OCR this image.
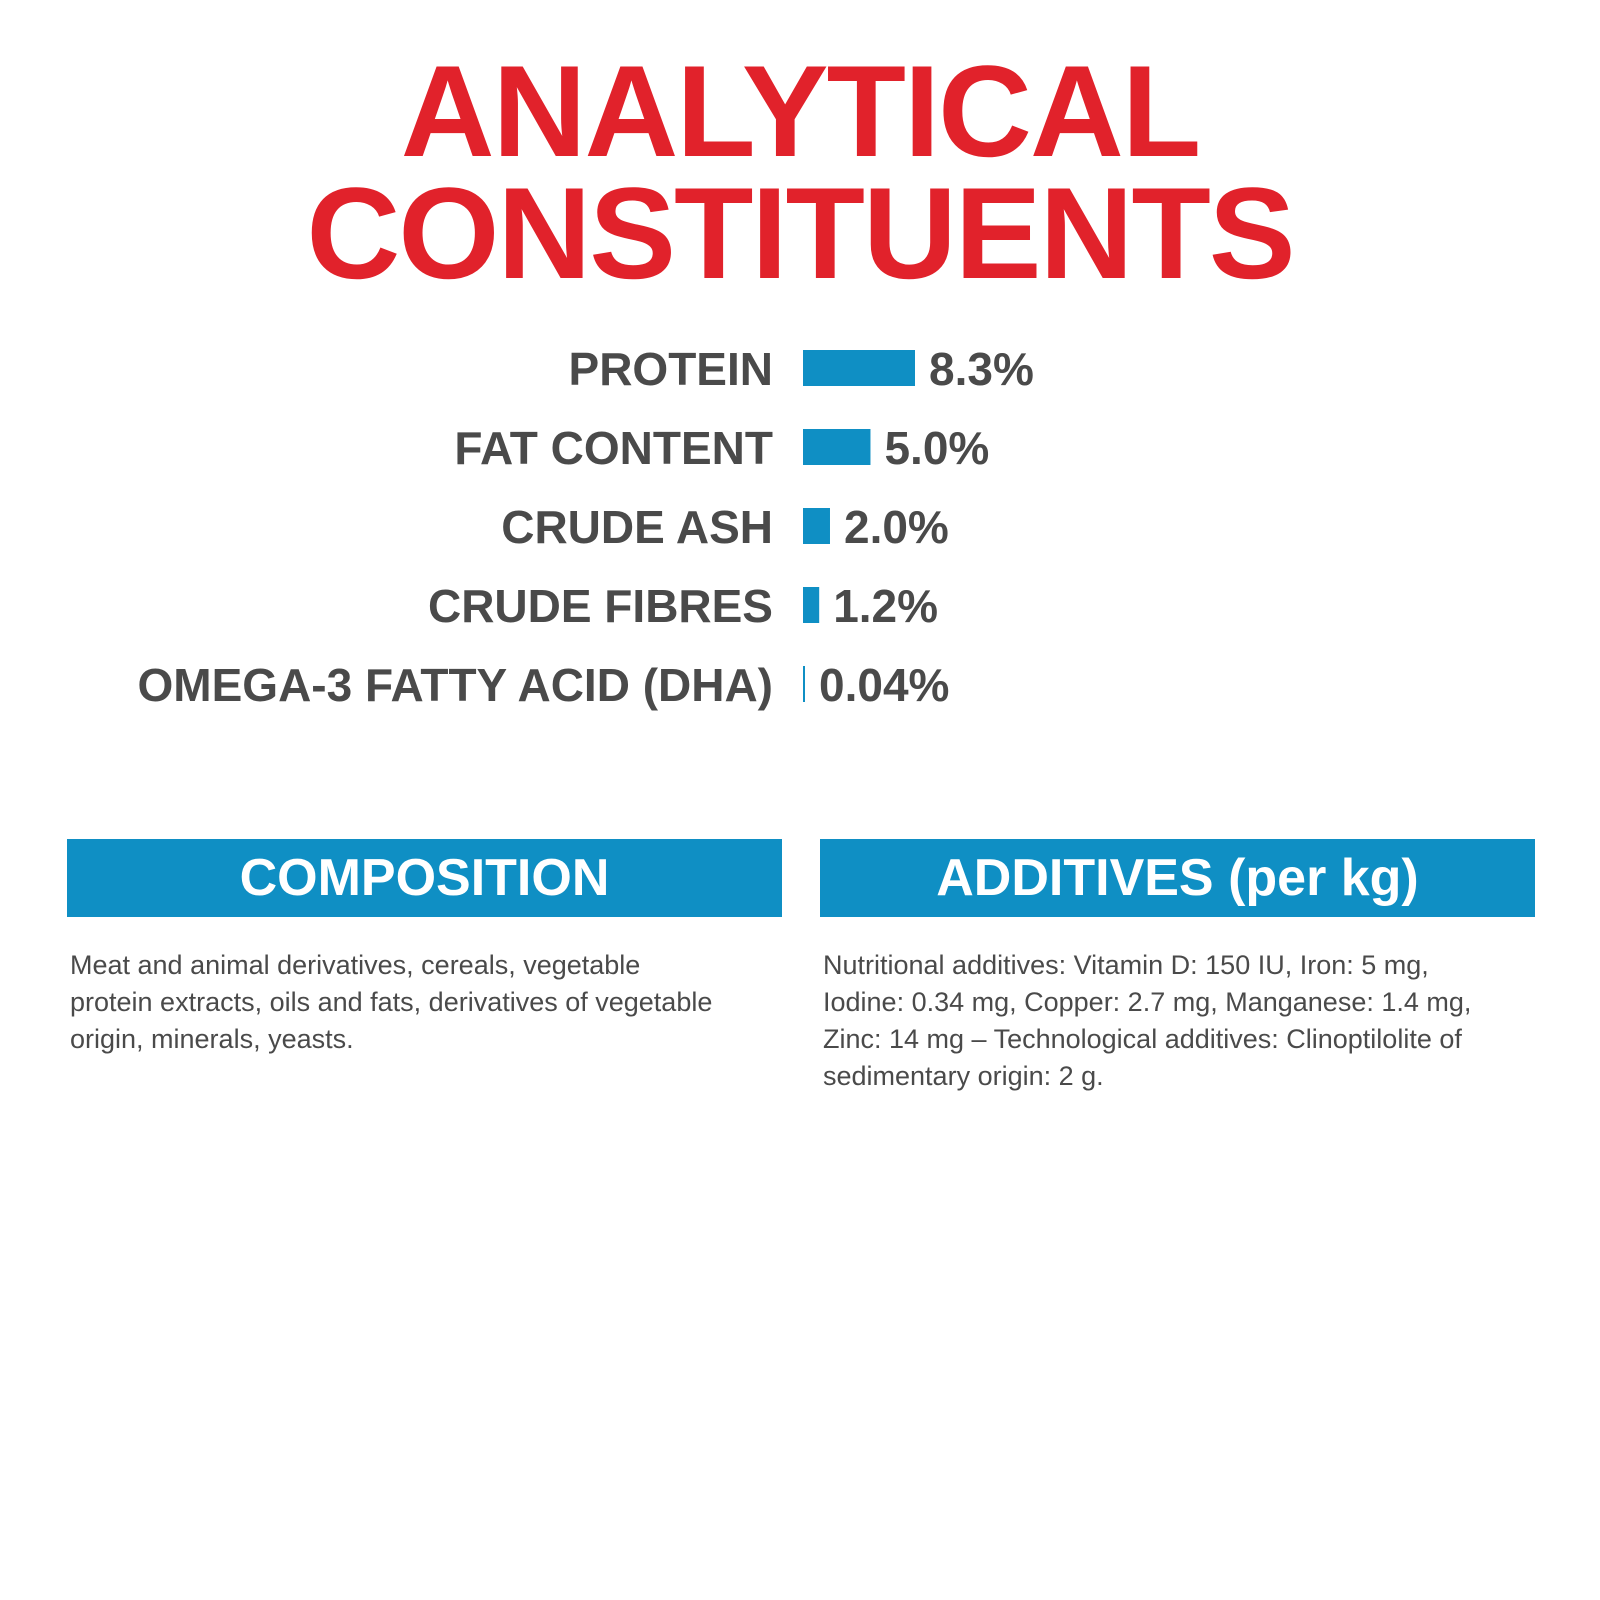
ANALYTICAL
CONSTITUENTS
PROTEIN	8.3%
FAT CONTENT 5.0%
CRUDE ASH 2.0%
CRUDE FIBRES 1.2%
OMEGA-3 FATTY ACID (DHA) 0.04%
COMPOSITION
Meat and animal derivatives, cereals, vegetable protein extracts, oils and fats, derivatives of vegetable origin, minerals, yeasts.
ADDITIVES (per kg)
Nutritional additives: Vitamin D: 150 IU, Iron: 5 mg, Iodine: 0.34 mg, Copper: 2.7 mg, Manganese: 1.4 mg, Zinc: 14 mg – Technological additives: Clinoptilolite of sedimentary origin: 2 g.
